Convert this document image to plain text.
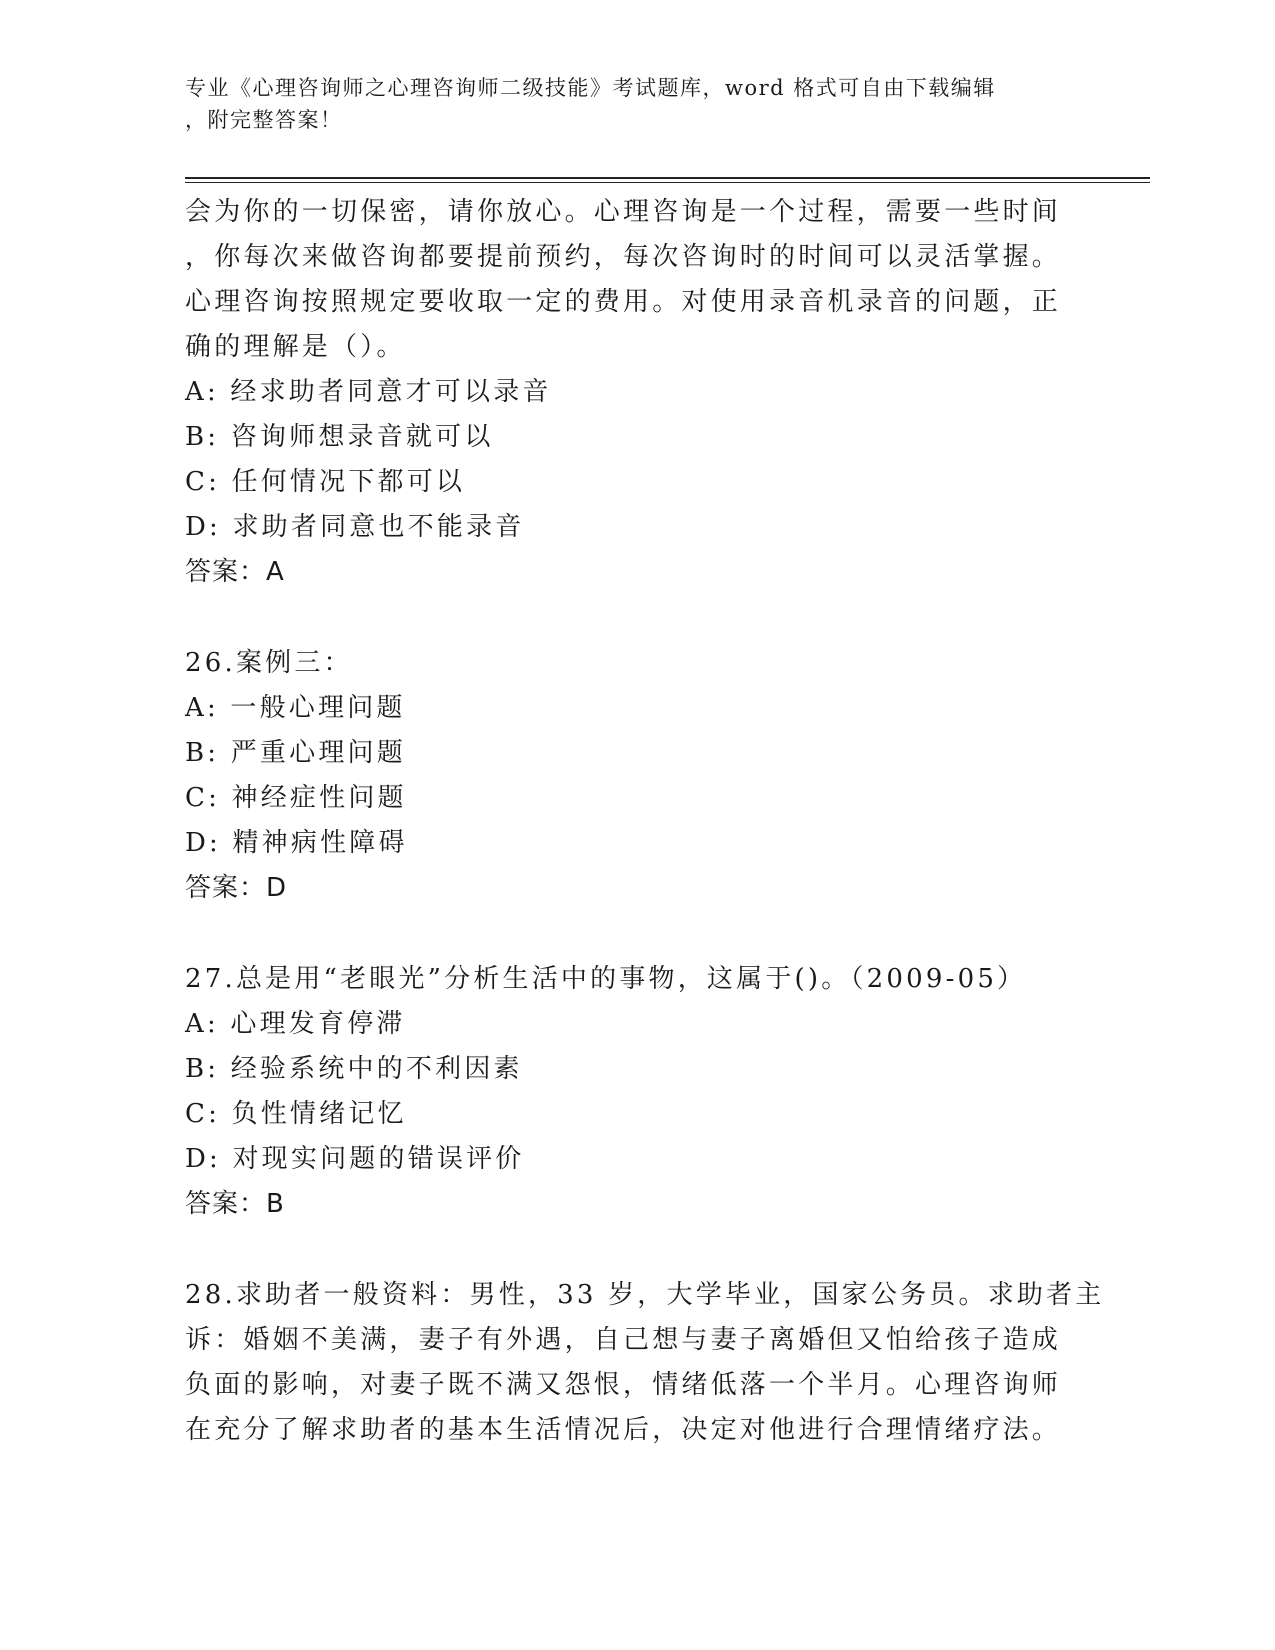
专业《心理咨询师之心理咨询师二级技能》考试题库，word 格式可自由下载编辑
，附完整答案！
会为你的一切保密，请你放心。心理咨询是一个过程，需要一些时间
，你每次来做咨询都要提前预约，每次咨询时的时间可以灵活掌握。
心理咨询按照规定要收取一定的费用。对使用录音机录音的问题，正
确的理解是（）。
A: 经求助者同意才可以录音
B: 咨询师想录音就可以
C: 任何情况下都可以
D: 求助者同意也不能录音
答案：A
26.案例三：
A: 一般心理问题
B: 严重心理问题
C: 神经症性问题
D: 精神病性障碍
答案：D
27.总是用“老眼光”分析生活中的事物，这属于()。（2009-05）
A: 心理发育停滞
B: 经验系统中的不利因素
C: 负性情绪记忆
D: 对现实问题的错误评价
答案：B
28.求助者一般资料：男性，33 岁，大学毕业，国家公务员。求助者主
诉：婚姻不美满，妻子有外遇，自己想与妻子离婚但又怕给孩子造成
负面的影响，对妻子既不满又怨恨，情绪低落一个半月。心理咨询师
在充分了解求助者的基本生活情况后，决定对他进行合理情绪疗法。
